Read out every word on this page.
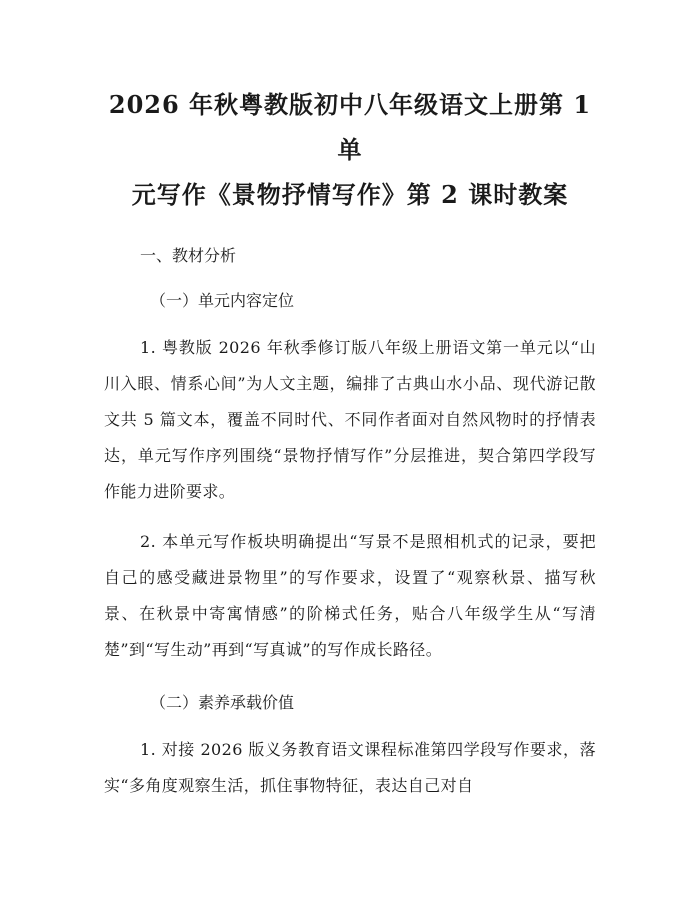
2026 年秋粤教版初中八年级语文上册第 1 单
元写作《景物抒情写作》第 2 课时教案

一、教材分析

（一）单元内容定位

1. 粤教版 2026 年秋季修订版八年级上册语文第一单元以“山川入眼、情系心间”为人文主题，编排了古典山水小品、现代游记散文共 5 篇文本，覆盖不同时代、不同作者面对自然风物时的抒情表达，单元写作序列围绕“景物抒情写作”分层推进，契合第四学段写作能力进阶要求。

2. 本单元写作板块明确提出“写景不是照相机式的记录，要把自己的感受藏进景物里”的写作要求，设置了“观察秋景、描写秋景、在秋景中寄寓情感”的阶梯式任务，贴合八年级学生从“写清楚”到“写生动”再到“写真诚”的写作成长路径。

（二）素养承载价值

1. 对接 2026 版义务教育语文课程标准第四学段写作要求，落实“多角度观察生活，抓住事物特征，表达自己对自
